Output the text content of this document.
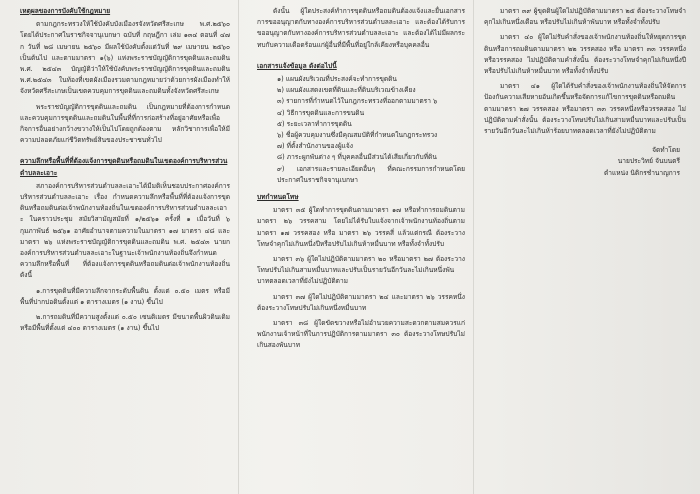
เหตุผลของการบังคับใช้กฎหมาย
ตามกฎกระทรวงให้ใช้บังคับบังเมืองรจังหวัดศรีสะเกษ พ.ศ.๒๕๖๐ โดยได้ประกาศในราชกิจจานุเบกษา ฉบับที่ กฤษฎีกา เล่ม ๑๓๔ ตอนที่ ๔๗ ก วันที่ ๒๘ เมษายน ๒๕๖๐ มีผลใช้บังคับตั้งแต่วันที่ ๒๙ เมษายน ๒๕๖๐ เป็นต้นไป และตามมาตรา ๑(๖) แห่งพระราชบัญญัติการขุดดินและถมดิน พ.ศ. ๒๕๔๓ บัญญัติว่าให้ใช้บังคับพระราชบัญญัติการขุดดินและถมดิน พ.ศ.๒๕๔๓ ในท้องที่เขตผังเมืองรวมตามกฎหมายว่าด้วยการผังเมืองทำให้จังหวัดศรีสะเกษเป็นเขตควบคุมการขุดดินและถมดินทั้งจังหวัดศรีสะเกษ
พระราชบัญญัติการขุดดินและถมดิน เป็นกฎหมายที่ต้องการกำหนดและควบคุมการขุดดินและถมดินในพื้นที่ที่การก่อสร้างที่อยู่อาศัยหรือเพื่อกิจการอื่นอย่างกว้างขวางให้เป็นไปโดยถูกต้องตาม หลักวิชาการเพื่อให้มีความปลอดภัยแก่ชีวิตทรัพย์สินของประชาชนทั่วไป
ความลึกหรือพื้นที่ที่ต้องแจ้งการขุดดินหรือถมดินในเขตองค์การบริหารส่วนตำบลละเอาะ
สภาองค์การบริหารส่วนตำบลละเอาะได้มีมติเห็นชอบประกาศองค์การบริหารส่วนตำบลละเอาะ เรื่อง กำหนดความลึกหรือพื้นที่ที่ต้องแจ้งการขุดดินหรือถมดินต่อเจ้าพนักงานท้องถิ่นในเขตองค์การบริหารส่วนตำบลละเอาะ ในคราวประชุม สมัยวิสามัญสมัยที่ ๑/๒๕๖๑ ครั้งที่ ๑ เมื่อวันที่ ๖ กุมภาพันธ์ ๒๕๖๑ อาศัยอำนาจตามความในมาตรา ๑๗ มาตรา ๔๘ และมาตรา ๒๖ แห่งพระราชบัญญัติการขุดดินและถมดิน พ.ศ. ๒๕๔๓ นายกองค์การบริหารส่วนตำบลละเอาะในฐานะเจ้าพนักงานท้องถิ่นจึงกำหนดความลึกหรือพื้นที่ ที่ต้องแจ้งการขุดดินหรือถมดินต่อเจ้าพนักงานท้องถิ่น ดังนี้
๑.การขุดดินที่มีความลึกจากระดับพื้นดิน ตั้งแต่ ๐.๕๐ เมตร หรือมีพื้นที่ปากบ่อดินตั้งแต่ ๑ ตารางเมตร (๑ งาน) ขึ้นไป
๒.การถมดินที่มีความสูงตั้งแต่ ๐.๕๐ เซนติเมตร มีขนาดพื้นผิวดินเดิม หรือมีพื้นที่ตั้งแต่ ๔๐๐ ตารางเมตร (๑ งาน) ขึ้นไป
ดังนั้น ผู้ใดประสงค์ทำการขุดดินหรือถมดินต้องแจ้งและยื่นเอกสารการขออนุญาตกับทางองค์การบริหารส่วนตำบลละเอาะ และต้องได้รับการขออนุญาตกับทางองค์การบริหารส่วนตำบลละเอาะ และต้องได้ไม่มีผลกระทบกับความเดือดร้อนแก่ผู้อื่นที่มีพื้นที่อยู่ใกล้เคียงหรือบุคคลอื่น
เอกสารแจ้งข้อมูล ดังต่อไปนี้
๑) แผนผังบริเวณที่ประสงค์จะทำการขุดดิน
๒) แผนผังแสดงเขตที่ดินและที่ดินบริเวณข้างเคียง
๓) รายการที่กำหนดไว้ในกฎกระทรวงที่ออกตามมาตรา ๖
๔) วิธีการขุดดินและการขนดิน
๕) ระยะเวลาทำการขุดดิน
๖) ชื่อผู้ควบคุมงานซึ่งมีคุณสมบัติที่กำหนดในกฎกระทรวง
๗) ที่ตั้งสำนักงานของผู้แจ้ง
๘) ภาระผูกพันต่าง ๆ ที่บุคคลอื่นมีส่วนได้เสียเกี่ยวกับที่ดิน
๙) เอกสารและรายละเอียดอื่นๆ ที่คณะกรรมการกำหนดโดยประกาศในราชกิจจานุเบกษา
บทกำหนดโทษ
มาตรา ๓๕ ผู้ใดทำการขุดดินตามมาตรา ๑๗ หรือทำการถมดินตามมาตรา ๒๖ วรรคสาม โดยไม่ได้รับใบแจ้งจากเจ้าพนักงานท้องถิ่นตามมาตรา ๑๗ วรรคสอง หรือ มาตรา ๒๖ วรรคสี่ แล้วแต่กรณี ต้องระวางโทษจำคุกไม่เกินหนึ่งปีหรือปรับไม่เกินห้าหมื่นบาท หรือทั้งจำทั้งปรับ
มาตรา ๓๖ ผู้ใดไม่ปฏิบัติตามมาตรา ๒๐ หรือมาตรา ๒๗ ต้องระวางโทษปรับไม่เกินสามหมื่นบาทและปรับเป็นรายวันอีกวันละไม่เกินหนึ่งพันบาทตลอดเวลาที่ยังไม่ปฏิบัติตาม
มาตรา ๓๗ ผู้ใดไม่ปฏิบัติตามมาตรา ๒๔ และมาตรา ๒๖ วรรคหนึ่ง ต้องระวางโทษปรับไม่เกินหนึ่งหมื่นบาท
มาตรา ๓๘ ผู้ใดขัดขวางหรือไม่อำนวยความสะดวกตามสมควรแก่พนักงานเจ้าหน้าที่ในการปฏิบัติการตามมาตรา ๓๐ ต้องระวางโทษปรับไม่เกินสองพันบาท
มาตรา ๓๙ ผู้ขุดดินผู้ใดไม่ปฏิบัติตามมาตรา ๒๕ ต้องระวางโทษจำคุกไม่เกินหนึ่งเดือน หรือปรับไม่เกินห้าพันบาท หรือทั้งจำทั้งปรับ
มาตรา ๔๐ ผู้ใดไม่รับคำสั่งของเจ้าพนักงานท้องถิ่นให้หยุดการขุดดินหรือการถมดินตามมาตรา ๒๒ วรรคสอง หรือ มาตรา ๓๓ วรรคหนึ่งหรือวรรคสอง ไม่ปฏิบัติตามคำสั่งนั้น ต้องระวางโทษจำคุกไม่เกินหนึ่งปีหรือปรับไม่เกินห้าหมื่นบาท หรือทั้งจำทั้งปรับ
มาตรา ๔๑ ผู้ใดได้รับคำสั่งของเจ้าพนักงานท้องถิ่นให้จัดการป้องกันความเสียหายอันเกิดขึ้นหรือจัดการแก้ไขการขุดดินหรือถมดินตามมาตรา ๒๗ วรรคสอง หรือมาตรา ๓๓ วรรคหนึ่งหรือวรรคสอง ไม่ปฏิบัติตามคำสั่งนั้น ต้องระวางโทษปรับไม่เกินสามหมื่นบาทและปรับเป็นรายวันอีกวันละไม่เกินห้าร้อยบาทตลอดเวลาที่ยังไม่ปฏิบัติตาม
จัดทำโดย
นายประวิทย์ จันบนตรี
ตำแหน่ง นิติกรชำนาญการ
